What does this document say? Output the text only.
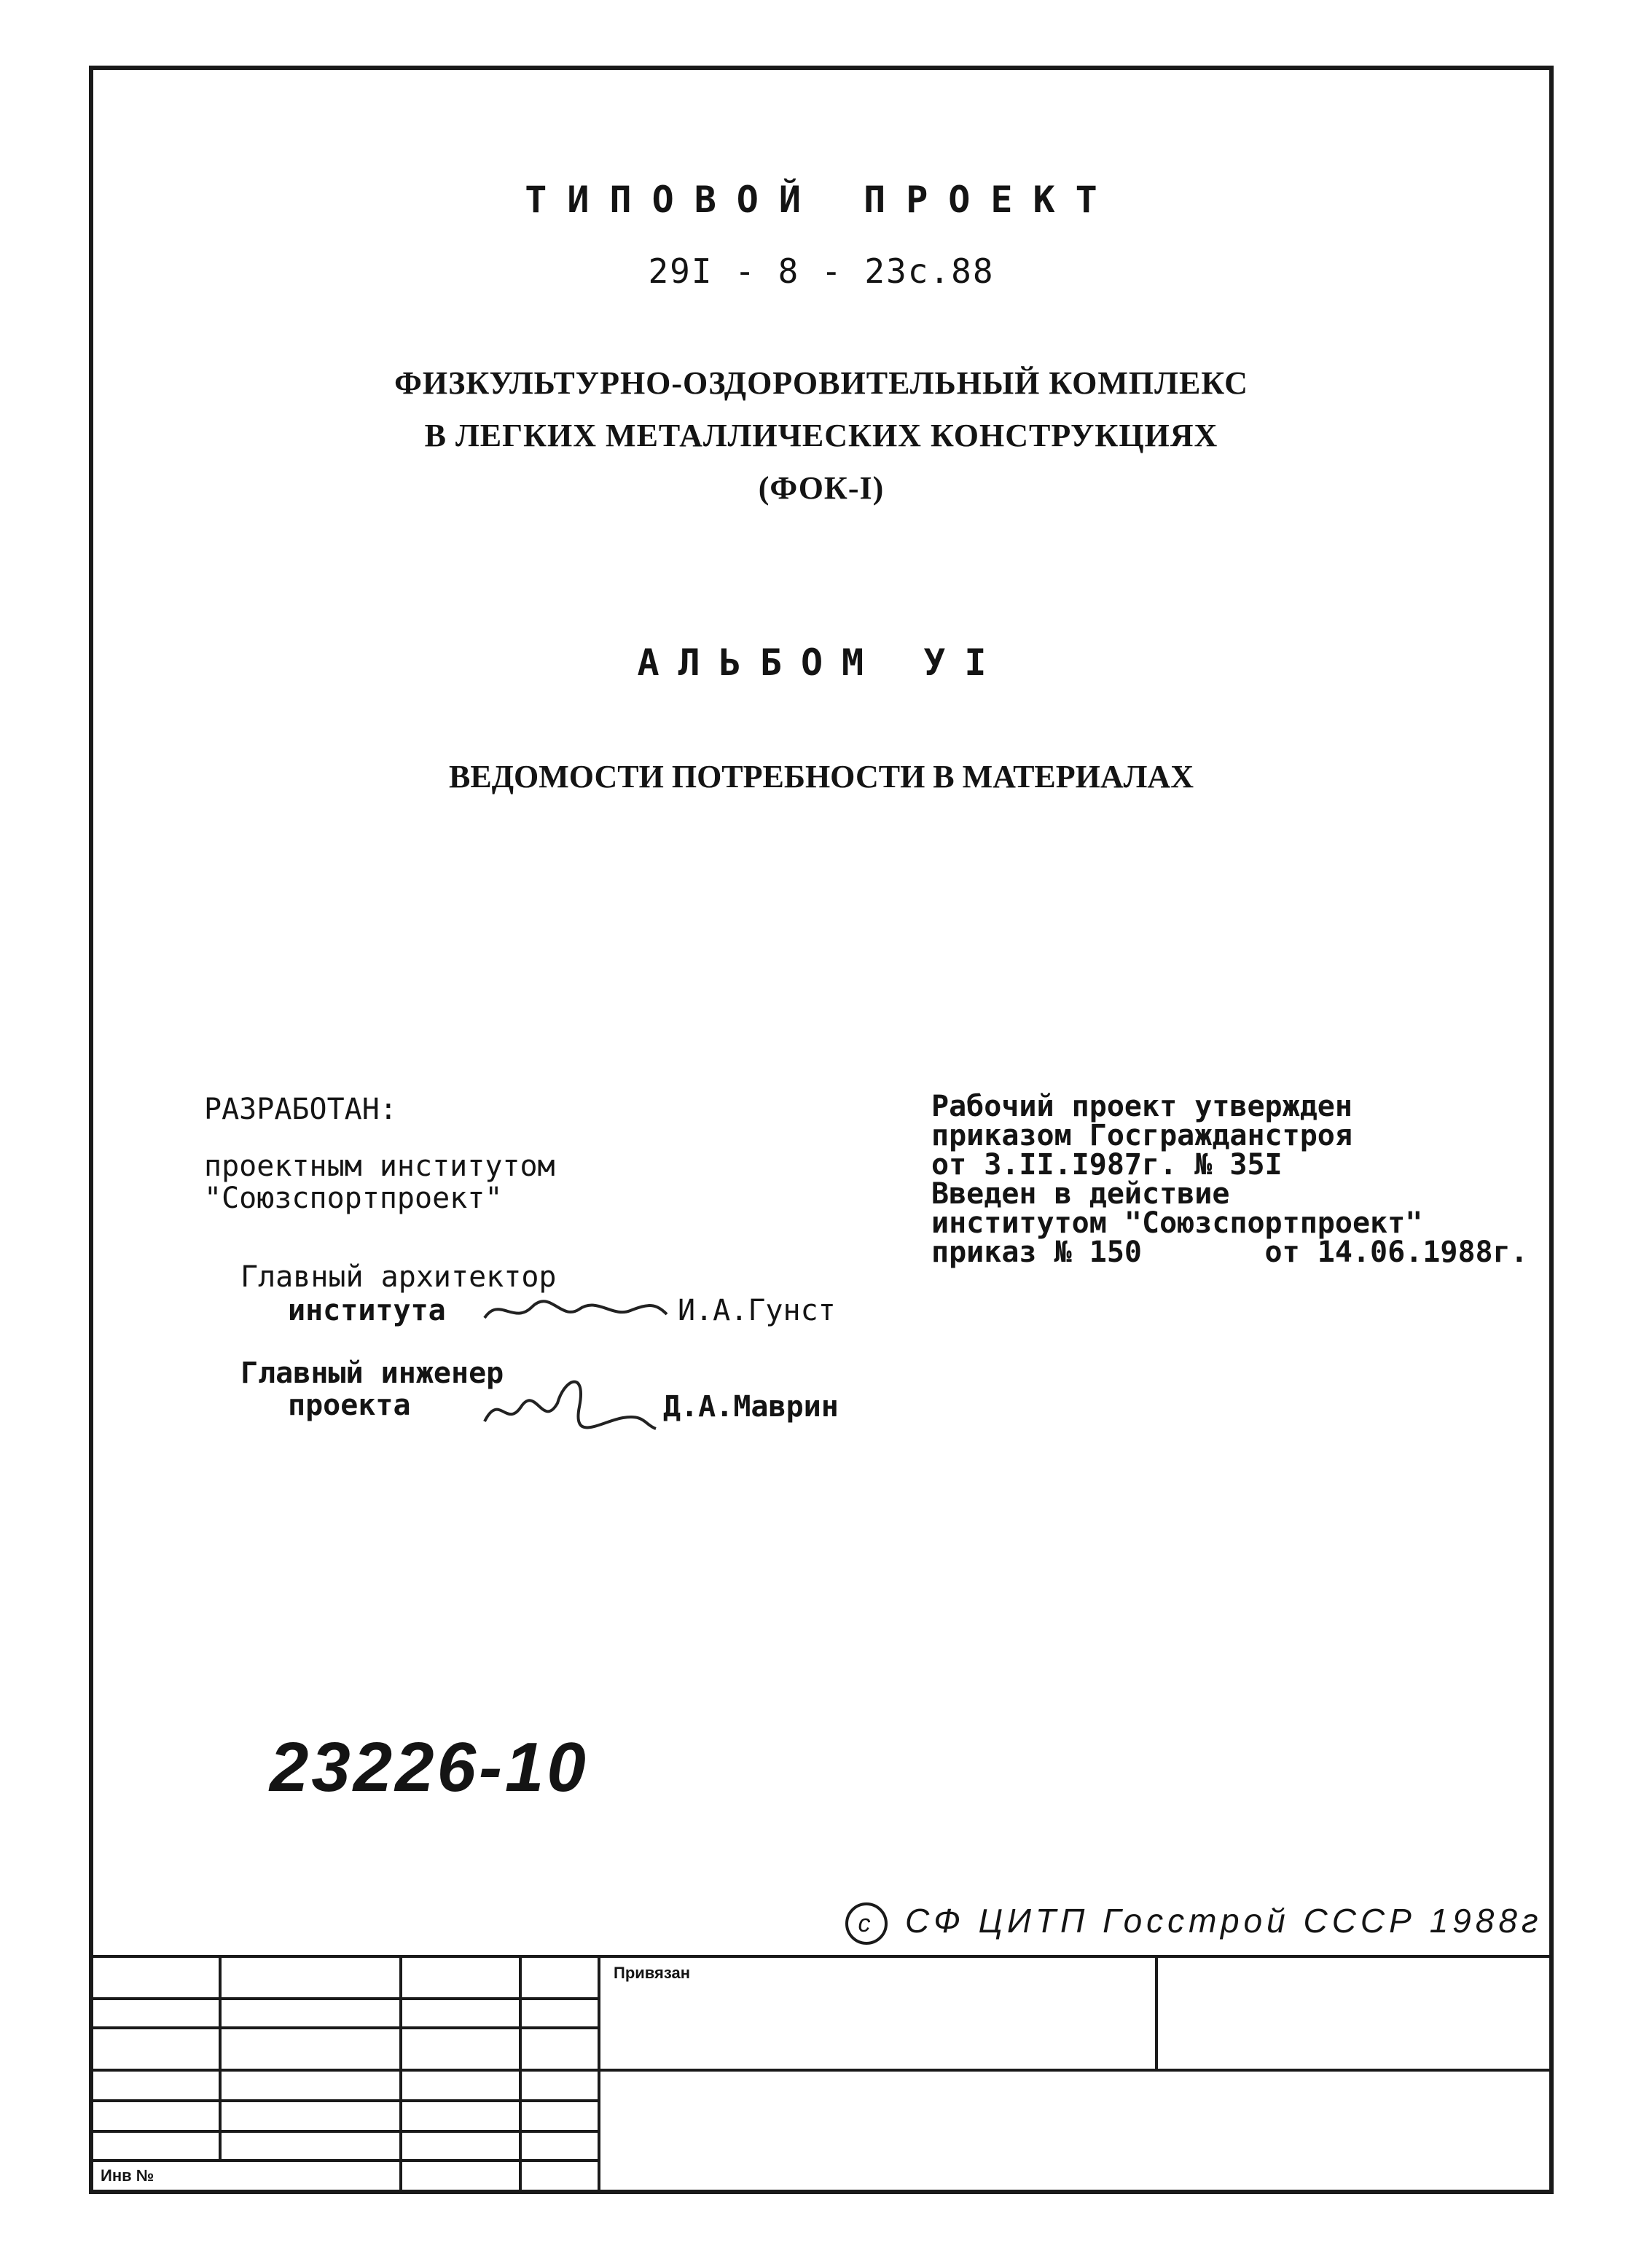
ТИПОВОЙ ПРОЕКТ
29I - 8 - 23с.88
ФИЗКУЛЬТУРНО-ОЗДОРОВИТЕЛЬНЫЙ КОМПЛЕКС
В ЛЕГКИХ МЕТАЛЛИЧЕСКИХ КОНСТРУКЦИЯХ
(ФОК-I)
АЛЬБОМ УI
ВЕДОМОСТИ ПОТРЕБНОСТИ В МАТЕРИАЛАХ
РАЗРАБОТАН:
проектным институтом
"Союзспортпроект"
Главный архитектор
института	И.А.Гунст
Главный инженер
проекта	Д.А.Маврин
Рабочий проект утвержден
приказом Госгражданстроя
от 3.II.I987г. № 35I
Введен в действие
институтом "Союзспортпроект"
приказ № 150       от 14.06.1988г.
23226-10
с СФ ЦИТП Госстрой СССР 1988г
Привязан
Инв №
